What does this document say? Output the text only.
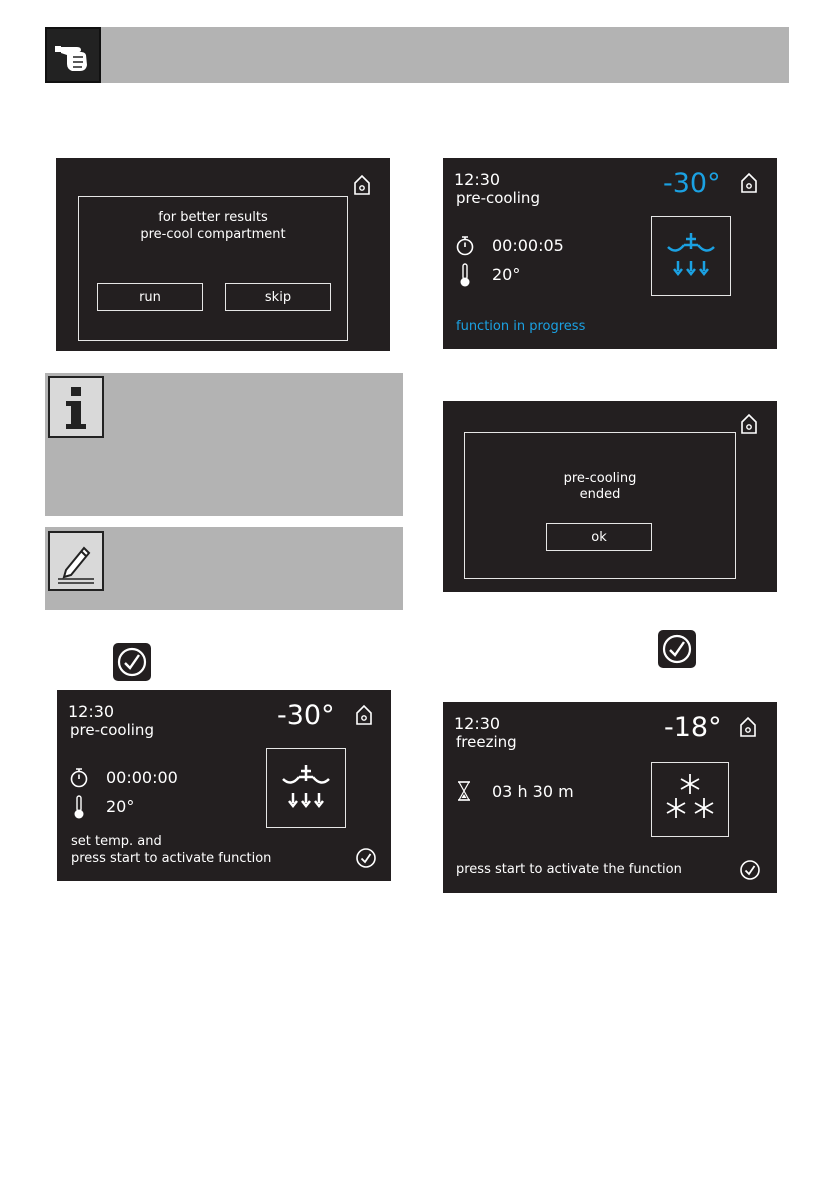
for better results
pre-cool compartment
run	skip
12:30
pre-cooling	-30°
00:00:00
20°
set temp. and
press start to activate function
12:30
pre-cooling	-30°
00:00:05
20°
function in progress
pre-cooling
ended
ok
12:30
freezing	-18°
03 h 30 m
press start to activate the function
